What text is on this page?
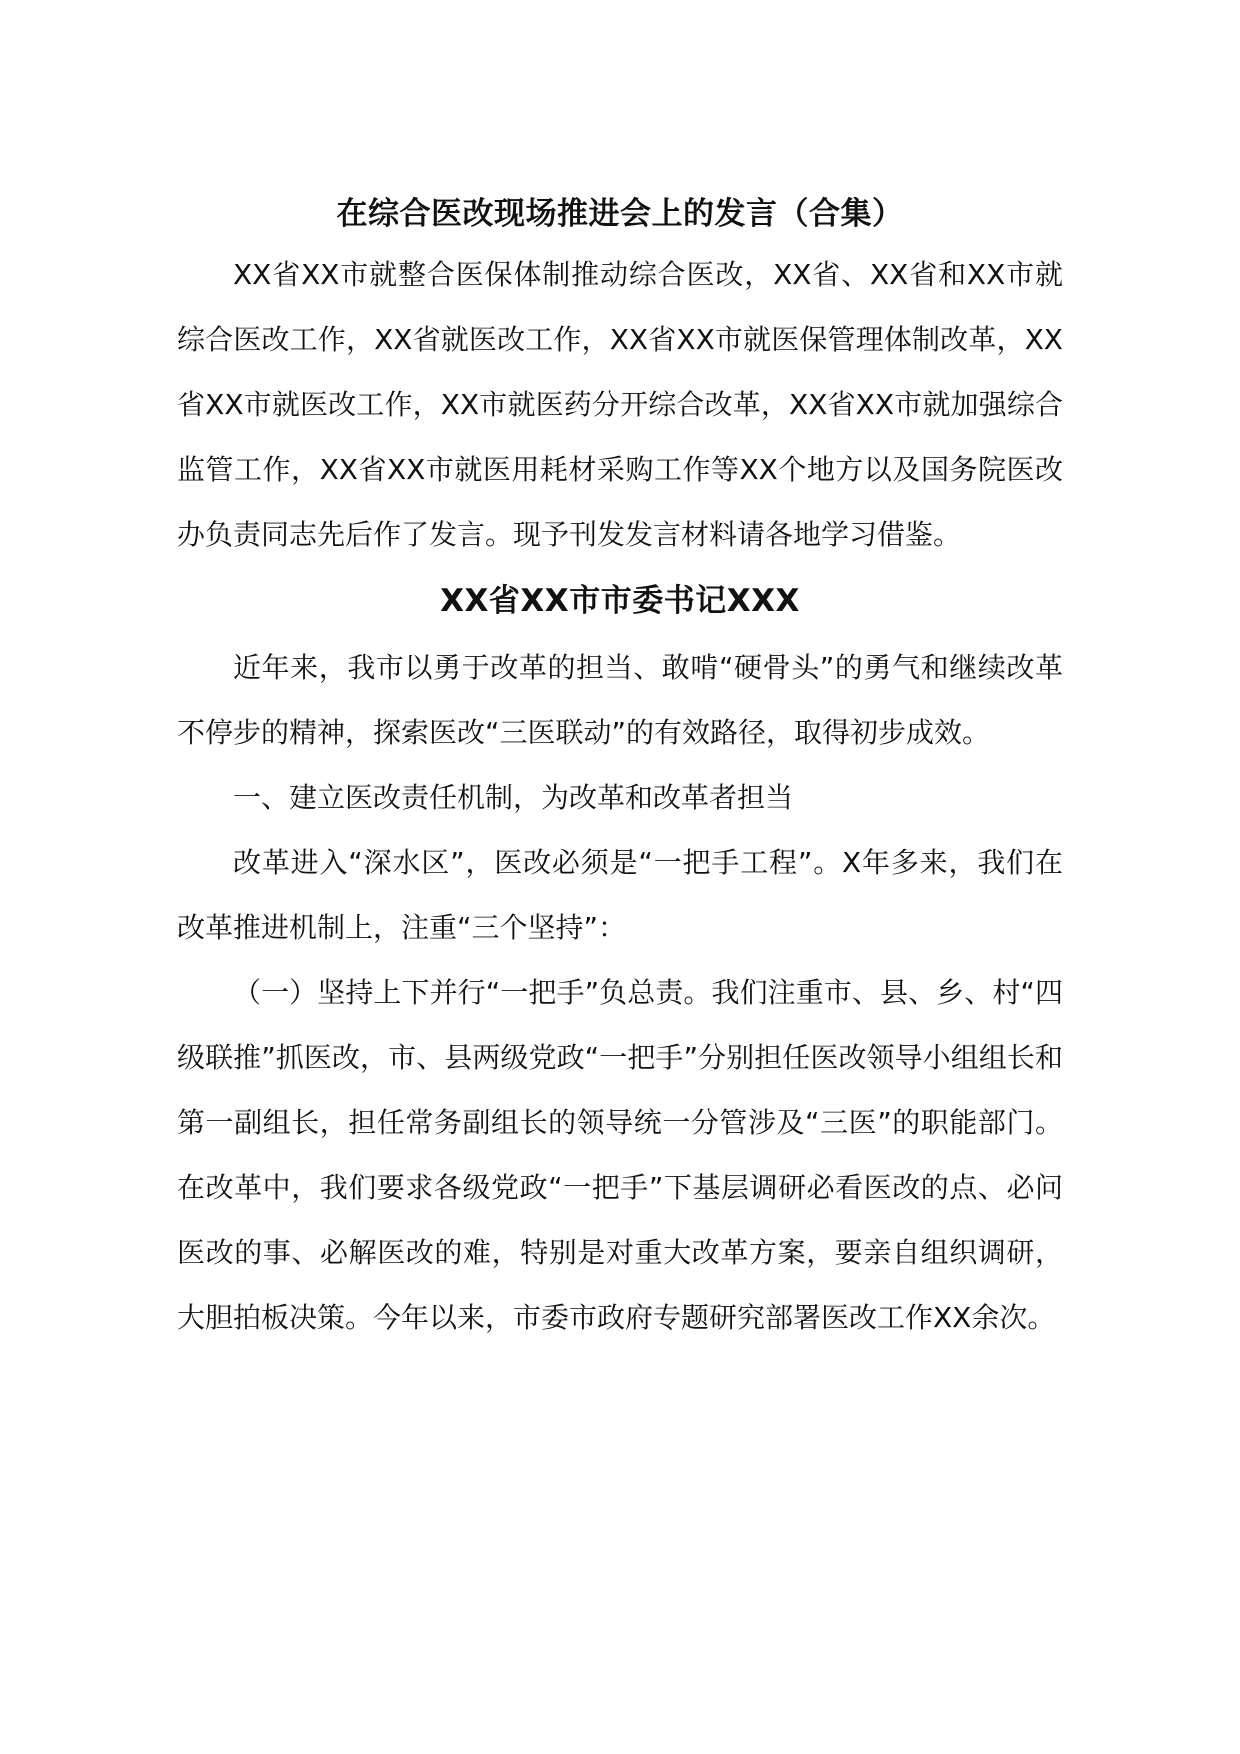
在综合医改现场推进会上的发言（合集）

XX省XX市就整合医保体制推动综合医改，XX省、XX省和XX市就综合医改工作，XX省就医改工作，XX省XX市就医保管理体制改革，XX省XX市就医改工作，XX市就医药分开综合改革，XX省XX市就加强综合监管工作，XX省XX市就医用耗材采购工作等XX个地方以及国务院医改办负责同志先后作了发言。现予刊发发言材料请各地学习借鉴。

XX省XX市市委书记XXX

近年来，我市以勇于改革的担当、敢啃“硬骨头”的勇气和继续改革不停步的精神，探索医改“三医联动”的有效路径，取得初步成效。

一、建立医改责任机制，为改革和改革者担当

改革进入“深水区”，医改必须是“一把手工程”。X年多来，我们在改革推进机制上，注重“三个坚持”：

（一）坚持上下并行“一把手”负总责。我们注重市、县、乡、村“四级联推”抓医改，市、县两级党政“一把手”分别担任医改领导小组组长和第一副组长，担任常务副组长的领导统一分管涉及“三医”的职能部门。在改革中，我们要求各级党政“一把手”下基层调研必看医改的点、必问医改的事、必解医改的难，特别是对重大改革方案，要亲自组织调研，大胆拍板决策。今年以来，市委市政府专题研究部署医改工作XX余次。
